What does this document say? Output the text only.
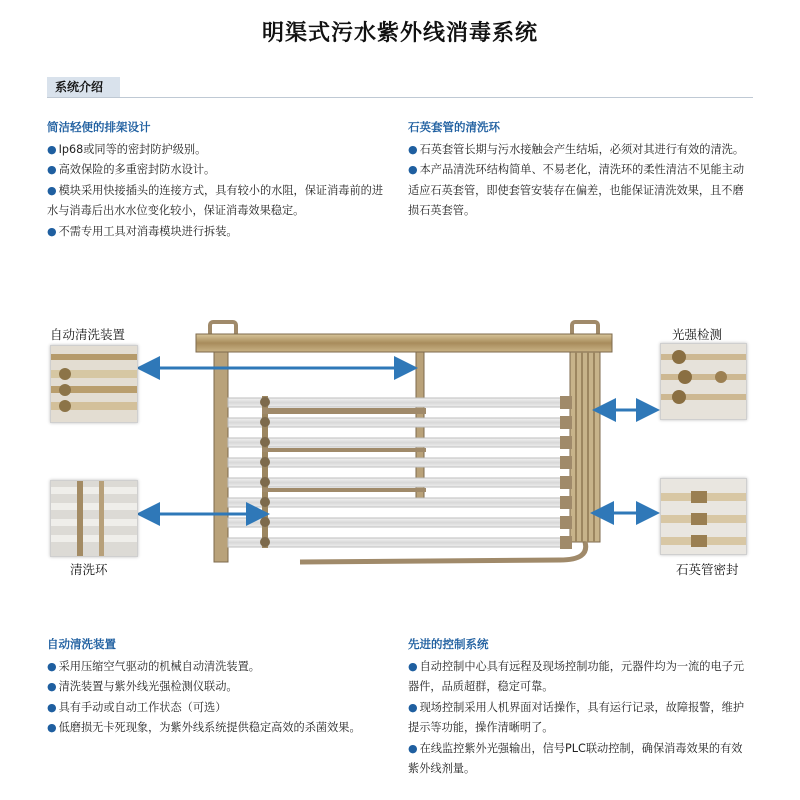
明渠式污水紫外线消毒系统
系统介绍
简洁轻便的排架设计
● Ip68或同等的密封防护级别。
● 高效保险的多重密封防水设计。
● 模块采用快接插头的连接方式，具有较小的水阻，保证消毒前的进水与消毒后出水水位变化较小，保证消毒效果稳定。
● 不需专用工具对消毒模块进行拆装。
石英套管的清洗环
● 石英套管长期与污水接触会产生结垢，必须对其进行有效的清洗。
● 本产品清洗环结构简单、不易老化，清洗环的柔性清洁不见能主动适应石英套管，即使套管安装存在偏差，也能保证清洗效果，且不磨损石英套管。
自动清洗装置
清洗环
光强检测
石英管密封
自动清洗装置
● 采用压缩空气驱动的机械自动清洗装置。
● 清洗装置与紫外线光强检测仪联动。
● 具有手动或自动工作状态（可选）
● 低磨损无卡死现象，为紫外线系统提供稳定高效的杀菌效果。
先进的控制系统
● 自动控制中心具有远程及现场控制功能，元器件均为一流的电子元器件，品质超群，稳定可靠。
● 现场控制采用人机界面对话操作，具有运行记录，故障报警，维护提示等功能，操作清晰明了。
● 在线监控紫外光强输出，信号PLC联动控制，确保消毒效果的有效紫外线剂量。
